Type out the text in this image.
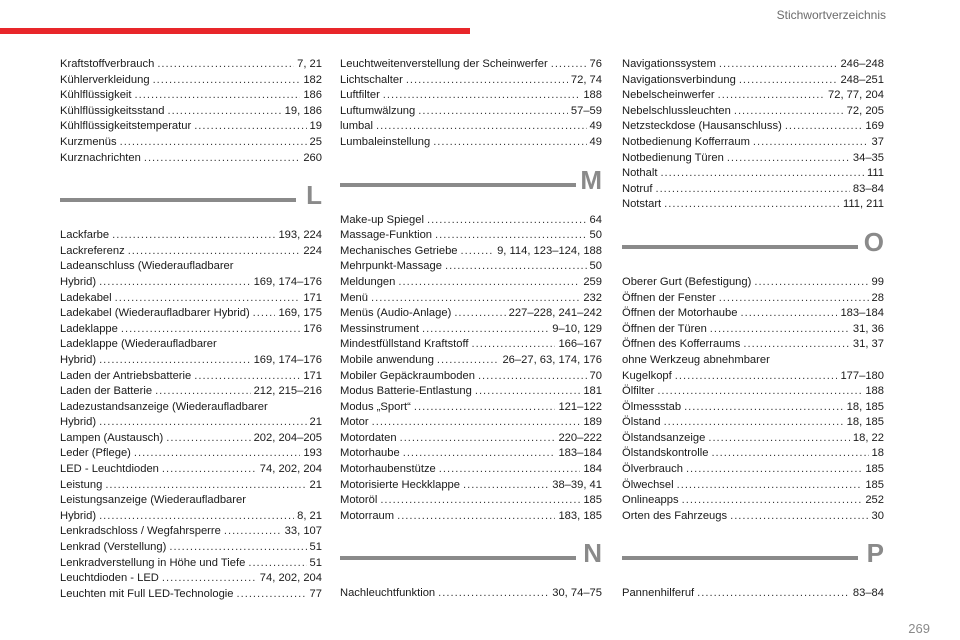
Stichwortverzeichnis
Kraftstoffverbrauch .....	7, 21
Kühlerverkleidung .....	182
Kühlflüssigkeit .....	186
Kühlflüssigkeitsstand .....	19, 186
Kühlflüssigkeitstemperatur .....	19
Kurzmenüs .....	25
Kurznachrichten .....	260
L
Lackfarbe .....	193, 224
Lackreferenz .....	224
Ladeanschluss (Wiederaufladbarer
Hybrid) .....	169, 174–176
Ladekabel .....	171
Ladekabel (Wiederaufladbarer Hybrid) .....	169, 175
Ladeklappe .....	176
Ladeklappe (Wiederaufladbarer
Hybrid) .....	169, 174–176
Laden der Antriebsbatterie .....	171
Laden der Batterie .....	212, 215–216
Ladezustandsanzeige (Wiederaufladbarer
Hybrid) .....	21
Lampen (Austausch) .....	202, 204–205
Leder (Pflege) .....	193
LED - Leuchtdioden .....	74, 202, 204
Leistung .....	21
Leistungsanzeige (Wiederaufladbarer
Hybrid) .....	8, 21
Lenkradschloss / Wegfahrsperre .....	33, 107
Lenkrad (Verstellung) .....	51
Lenkradverstellung in Höhe und Tiefe .....	51
Leuchtdioden - LED .....	74, 202, 204
Leuchten mit Full LED-Technologie .....	77
Leuchtweitenverstellung der Scheinwerfer .....	76
Lichtschalter .....	72, 74
Luftfilter .....	188
Luftumwälzung .....	57–59
lumbal .....	49
Lumbaleinstellung .....	49
M
Make-up Spiegel .....	64
Massage-Funktion .....	50
Mechanisches Getriebe .....	9, 114, 123–124, 188
Mehrpunkt-Massage .....	50
Meldungen .....	259
Menü .....	232
Menüs (Audio-Anlage) .....	227–228, 241–242
Messinstrument .....	9–10, 129
Mindestfüllstand Kraftstoff .....	166–167
Mobile anwendung .....	26–27, 63, 174, 176
Mobiler Gepäckraumboden .....	70
Modus Batterie-Entlastung .....	181
Modus „Sport“ .....	121–122
Motor .....	189
Motordaten .....	220–222
Motorhaube .....	183–184
Motorhaubenstütze .....	184
Motorisierte Heckklappe .....	38–39, 41
Motoröl .....	185
Motorraum .....	183, 185
N
Nachleuchtfunktion .....	30, 74–75
Navigationssystem .....	246–248
Navigationsverbindung .....	248–251
Nebelscheinwerfer .....	72, 77, 204
Nebelschlussleuchten .....	72, 205
Netzsteckdose (Hausanschluss) .....	169
Notbedienung Kofferraum .....	37
Notbedienung Türen .....	34–35
Nothalt .....	111
Notruf .....	83–84
Notstart .....	111, 211
O
Oberer Gurt (Befestigung) .....	99
Öffnen der Fenster .....	28
Öffnen der Motorhaube .....	183–184
Öffnen der Türen .....	31, 36
Öffnen des Kofferraums .....	31, 37
ohne Werkzeug abnehmbarer
Kugelkopf .....	177–180
Ölfilter .....	188
Ölmessstab .....	18, 185
Ölstand .....	18, 185
Ölstandsanzeige .....	18, 22
Ölstandskontrolle .....	18
Ölverbrauch .....	185
Ölwechsel .....	185
Onlineapps .....	252
Orten des Fahrzeugs .....	30
P
Pannenhilferuf .....	83–84
269
